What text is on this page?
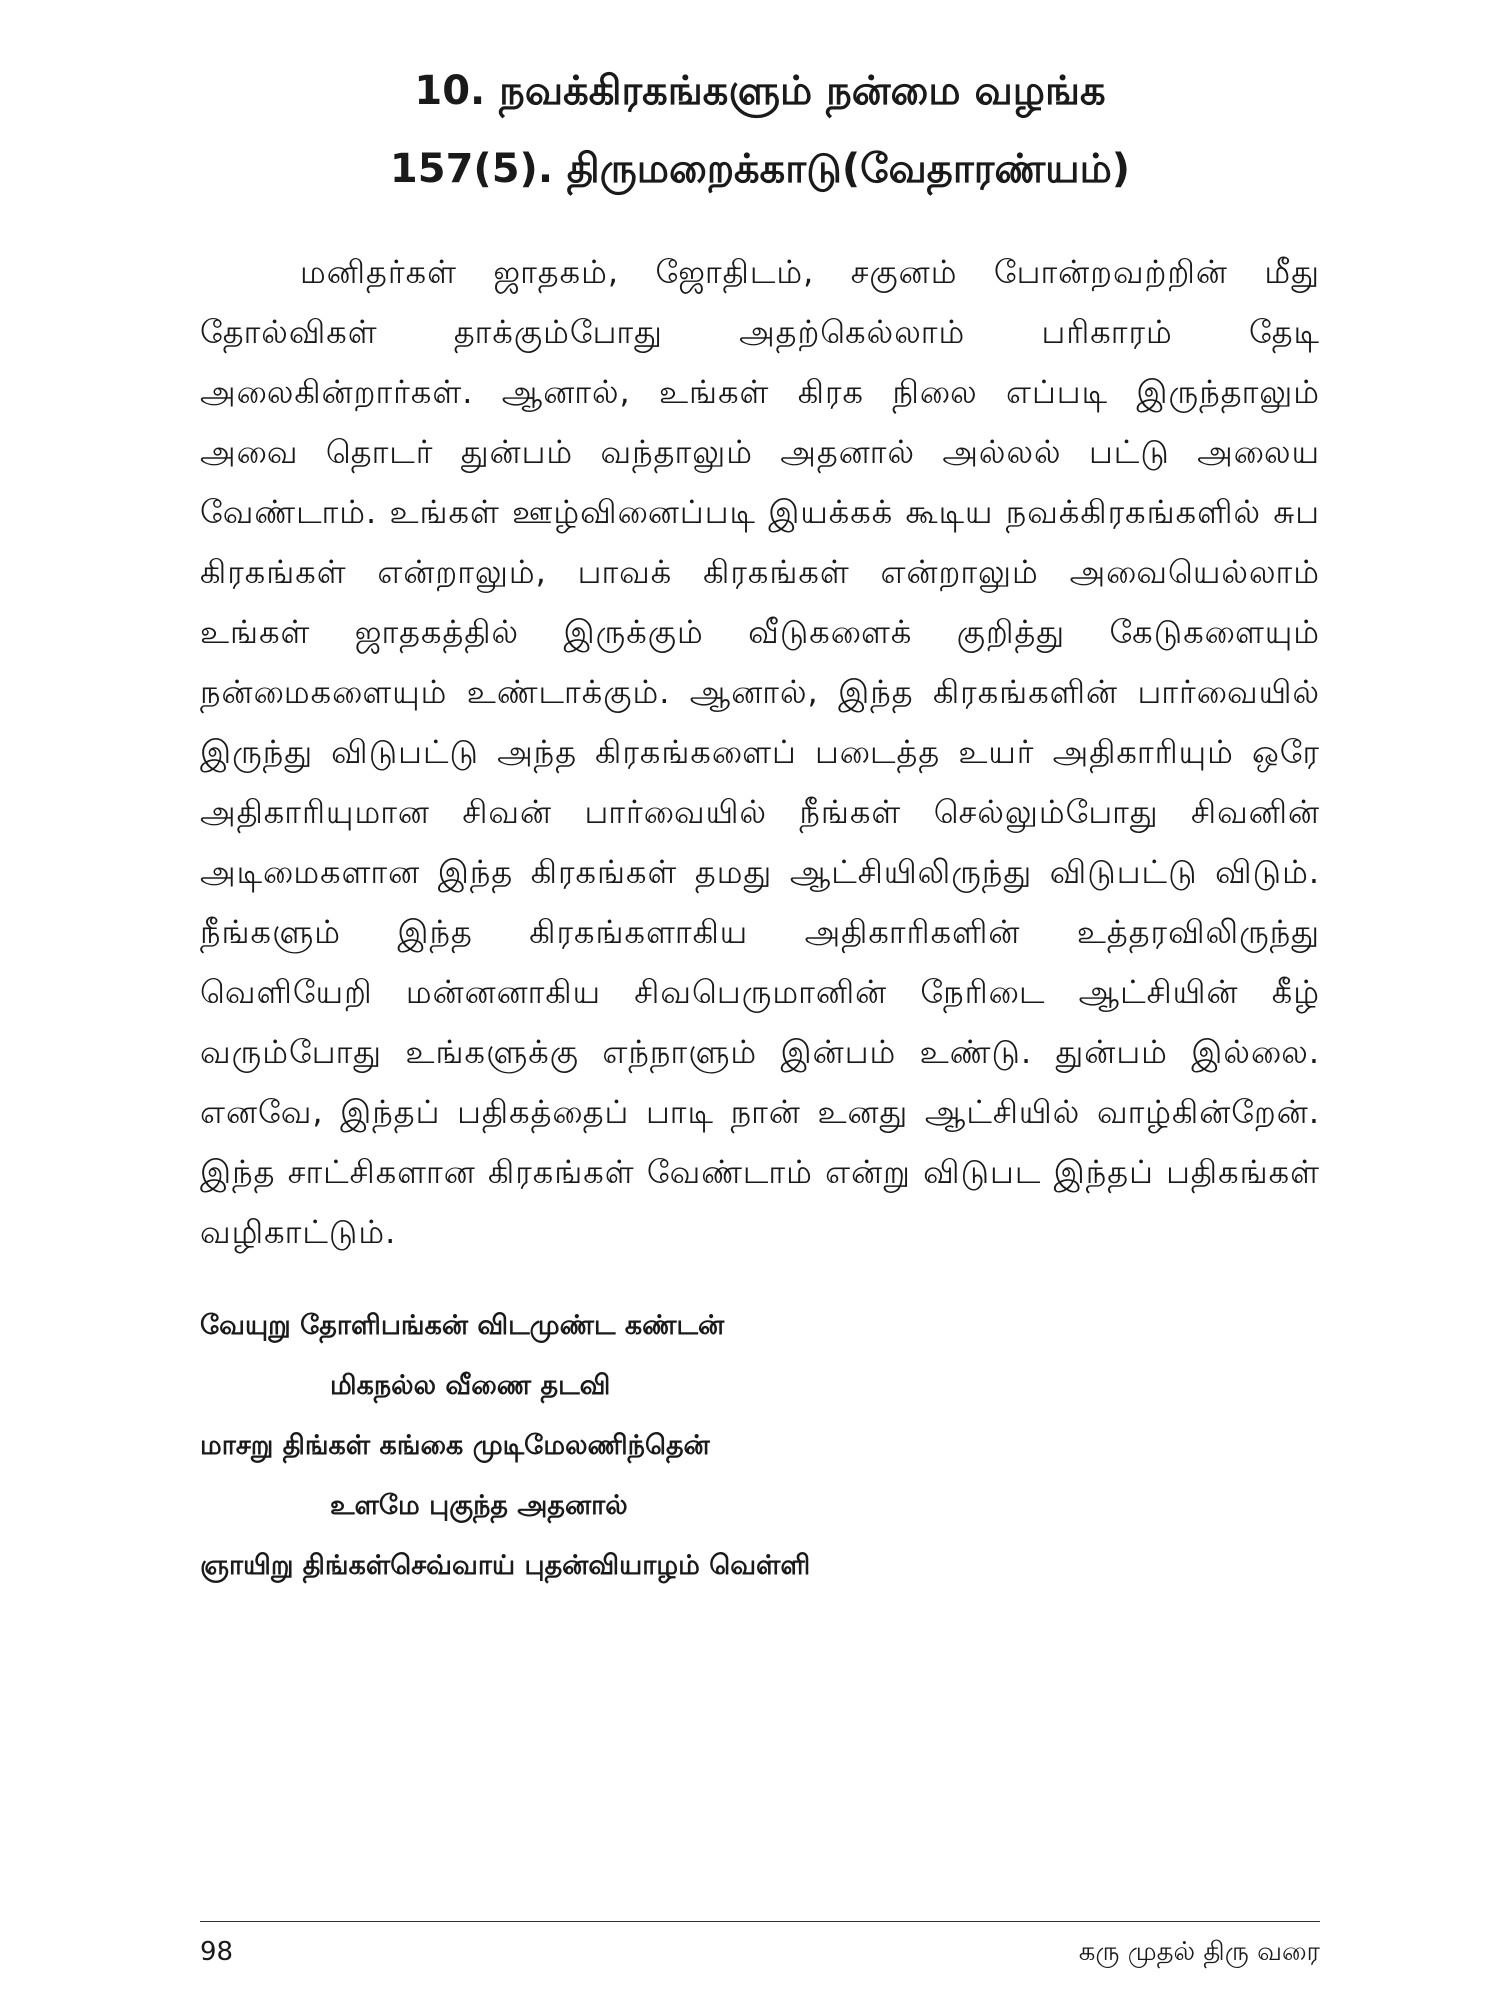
10. நவக்கிரகங்களும் நன்மை வழங்க
157(5). திருமறைக்காடு(வேதாரண்யம்)

மனிதர்கள் ஜாதகம், ஜோதிடம், சகுனம் போன்றவற்றின் மீது தோல்விகள் தாக்கும்போது அதற்கெல்லாம் பரிகாரம் தேடி அலைகின்றார்கள். ஆனால், உங்கள் கிரக நிலை எப்படி இருந்தாலும் அவை தொடர் துன்பம் வந்தாலும் அதனால் அல்லல் பட்டு அலைய வேண்டாம். உங்கள் ஊழ்வினைப்படி இயக்கக் கூடிய நவக்கிரகங்களில் சுப கிரகங்கள் என்றாலும், பாவக் கிரகங்கள் என்றாலும் அவையெல்லாம் உங்கள் ஜாதகத்தில் இருக்கும் வீடுகளைக் குறித்து கேடுகளையும் நன்மைகளையும் உண்டாக்கும். ஆனால், இந்த கிரகங்களின் பார்வையில் இருந்து விடுபட்டு அந்த கிரகங்களைப் படைத்த உயர் அதிகாரியும் ஒரே அதிகாரியுமான சிவன் பார்வையில் நீங்கள் செல்லும்போது சிவனின் அடிமைகளான இந்த கிரகங்கள் தமது ஆட்சியிலிருந்து விடுபட்டு விடும். நீங்களும் இந்த கிரகங்களாகிய அதிகாரிகளின் உத்தரவிலிருந்து வெளியேறி மன்னனாகிய சிவபெருமானின் நேரிடை ஆட்சியின் கீழ் வரும்போது உங்களுக்கு எந்நாளும் இன்பம் உண்டு. துன்பம் இல்லை. எனவே, இந்தப் பதிகத்தைப் பாடி நான் உனது ஆட்சியில் வாழ்கின்றேன். இந்த சாட்சிகளான கிரகங்கள் வேண்டாம் என்று விடுபட இந்தப் பதிகங்கள் வழிகாட்டும்.

வேயுறு தோளிபங்கன் விடமுண்ட கண்டன்
மிகநல்ல வீணை தடவி
மாசறு திங்கள் கங்கை முடிமேலணிந்தென்
உளமே புகுந்த அதனால்
ஞாயிறு திங்கள்செவ்வாய் புதன்வியாழம் வெள்ளி
98	கரு முதல் திரு வரை
